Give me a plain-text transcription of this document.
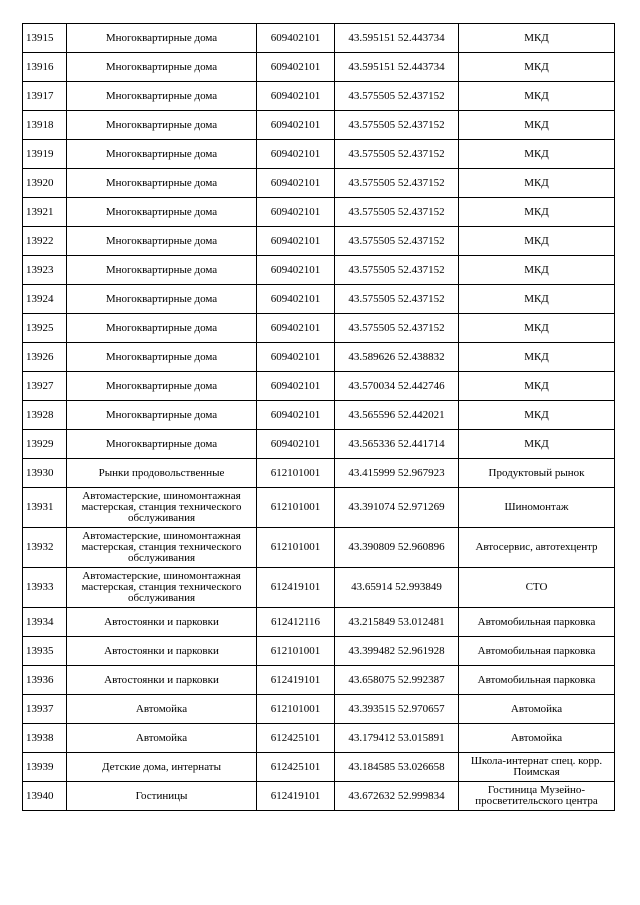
13915	Многоквартирные дома	609402101	43.595151 52.443734	МКД
13916	Многоквартирные дома	609402101	43.595151 52.443734	МКД
13917	Многоквартирные дома	609402101	43.575505 52.437152	МКД
13918	Многоквартирные дома	609402101	43.575505 52.437152	МКД
13919	Многоквартирные дома	609402101	43.575505 52.437152	МКД
13920	Многоквартирные дома	609402101	43.575505 52.437152	МКД
13921	Многоквартирные дома	609402101	43.575505 52.437152	МКД
13922	Многоквартирные дома	609402101	43.575505 52.437152	МКД
13923	Многоквартирные дома	609402101	43.575505 52.437152	МКД
13924	Многоквартирные дома	609402101	43.575505 52.437152	МКД
13925	Многоквартирные дома	609402101	43.575505 52.437152	МКД
13926	Многоквартирные дома	609402101	43.589626 52.438832	МКД
13927	Многоквартирные дома	609402101	43.570034 52.442746	МКД
13928	Многоквартирные дома	609402101	43.565596 52.442021	МКД
13929	Многоквартирные дома	609402101	43.565336 52.441714	МКД
13930	Рынки продовольственные	612101001	43.415999 52.967923	Продуктовый рынок
13931	Автомастерские, шиномонтажная мастерская, станция технического обслуживания	612101001	43.391074 52.971269	Шиномонтаж
13932	Автомастерские, шиномонтажная мастерская, станция технического обслуживания	612101001	43.390809 52.960896	Автосервис, автотехцентр
13933	Автомастерские, шиномонтажная мастерская, станция технического обслуживания	612419101	43.65914 52.993849	СТО
13934	Автостоянки и парковки	612412116	43.215849 53.012481	Автомобильная парковка
13935	Автостоянки и парковки	612101001	43.399482 52.961928	Автомобильная парковка
13936	Автостоянки и парковки	612419101	43.658075 52.992387	Автомобильная парковка
13937	Автомойка	612101001	43.393515 52.970657	Автомойка
13938	Автомойка	612425101	43.179412 53.015891	Автомойка
13939	Детские дома, интернаты	612425101	43.184585 53.026658	Школа-интернат спец. корр. Поимская
13940	Гостиницы	612419101	43.672632 52.999834	Гостиница Музейно-просветительского центра
